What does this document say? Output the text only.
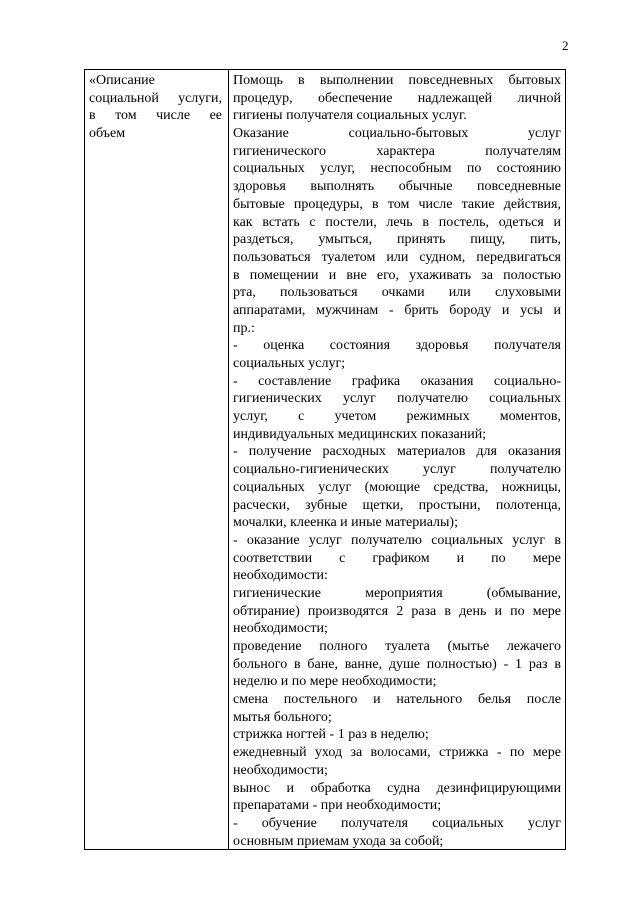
2
«Описание
социальной услуги,
в том числе ее
объем
Помощь в выполнении повседневных бытовых
процедур, обеспечение надлежащей личной
гигиены получателя социальных услуг.
Оказание социально-бытовых услуг
гигиенического характера получателям
социальных услуг, неспособным по состоянию
здоровья выполнять обычные повседневные
бытовые процедуры, в том числе такие действия,
как встать с постели, лечь в постель, одеться и
раздеться, умыться, принять пищу, пить,
пользоваться туалетом или судном, передвигаться
в помещении и вне его, ухаживать за полостью
рта, пользоваться очками или слуховыми
аппаратами, мужчинам - брить бороду и усы и
пр.:
- оценка состояния здоровья получателя
социальных услуг;
- составление графика оказания социально-
гигиенических услуг получателю социальных
услуг, с учетом режимных моментов,
индивидуальных медицинских показаний;
- получение расходных материалов для оказания
социально-гигиенических услуг получателю
социальных услуг (моющие средства, ножницы,
расчески, зубные щетки, простыни, полотенца,
мочалки, клеенка и иные материалы);
- оказание услуг получателю социальных услуг в
соответствии с графиком и по мере
необходимости:
гигиенические мероприятия (обмывание,
обтирание) производятся 2 раза в день и по мере
необходимости;
проведение полного туалета (мытье лежачего
больного в бане, ванне, душе полностью) - 1 раз в
неделю и по мере необходимости;
смена постельного и нательного белья после
мытья больного;
стрижка ногтей - 1 раз в неделю;
ежедневный уход за волосами, стрижка - по мере
необходимости;
вынос и обработка судна дезинфицирующими
препаратами - при необходимости;
- обучение получателя социальных услуг
основным приемам ухода за собой;
